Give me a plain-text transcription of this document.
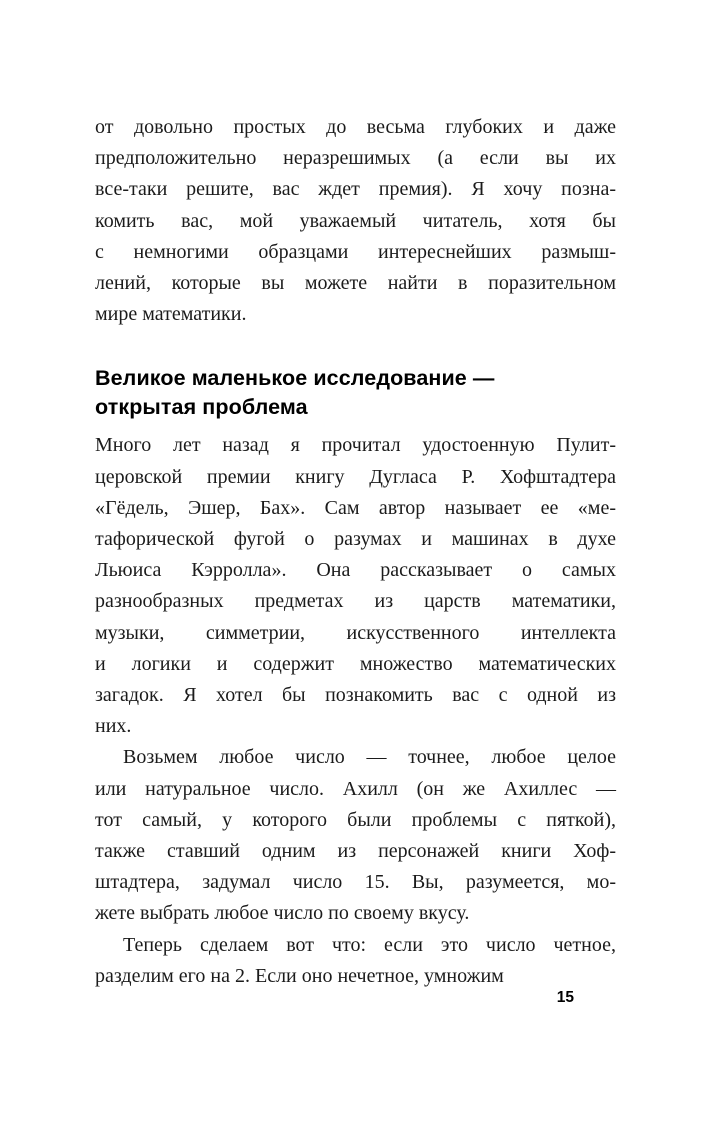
от довольно простых до весьма глубоких и даже
предположительно неразрешимых (а если вы их
все-таки решите, вас ждет премия). Я хочу позна-
комить вас, мой уважаемый читатель, хотя бы
с немногими образцами интереснейших размыш-
лений, которые вы можете найти в поразительном
мире математики.

Великое маленькое исследование —
открытая проблема

Много лет назад я прочитал удостоенную Пулит-
церовской премии книгу Дугласа Р. Хофштадтера
«Гёдель, Эшер, Бах». Сам автор называет ее «ме-
тафорической фугой о разумах и машинах в духе
Льюиса Кэрролла». Она рассказывает о самых
разнообразных предметах из царств математики,
музыки, симметрии, искусственного интеллекта
и логики и содержит множество математических
загадок. Я хотел бы познакомить вас с одной из
них.

Возьмем любое число — точнее, любое целое
или натуральное число. Ахилл (он же Ахиллес —
тот самый, у которого были проблемы с пяткой),
также ставший одним из персонажей книги Хоф-
штадтера, задумал число 15. Вы, разумеется, мо-
жете выбрать любое число по своему вкусу.

Теперь сделаем вот что: если это число четное,
разделим его на 2. Если оно нечетное, умножим

15
